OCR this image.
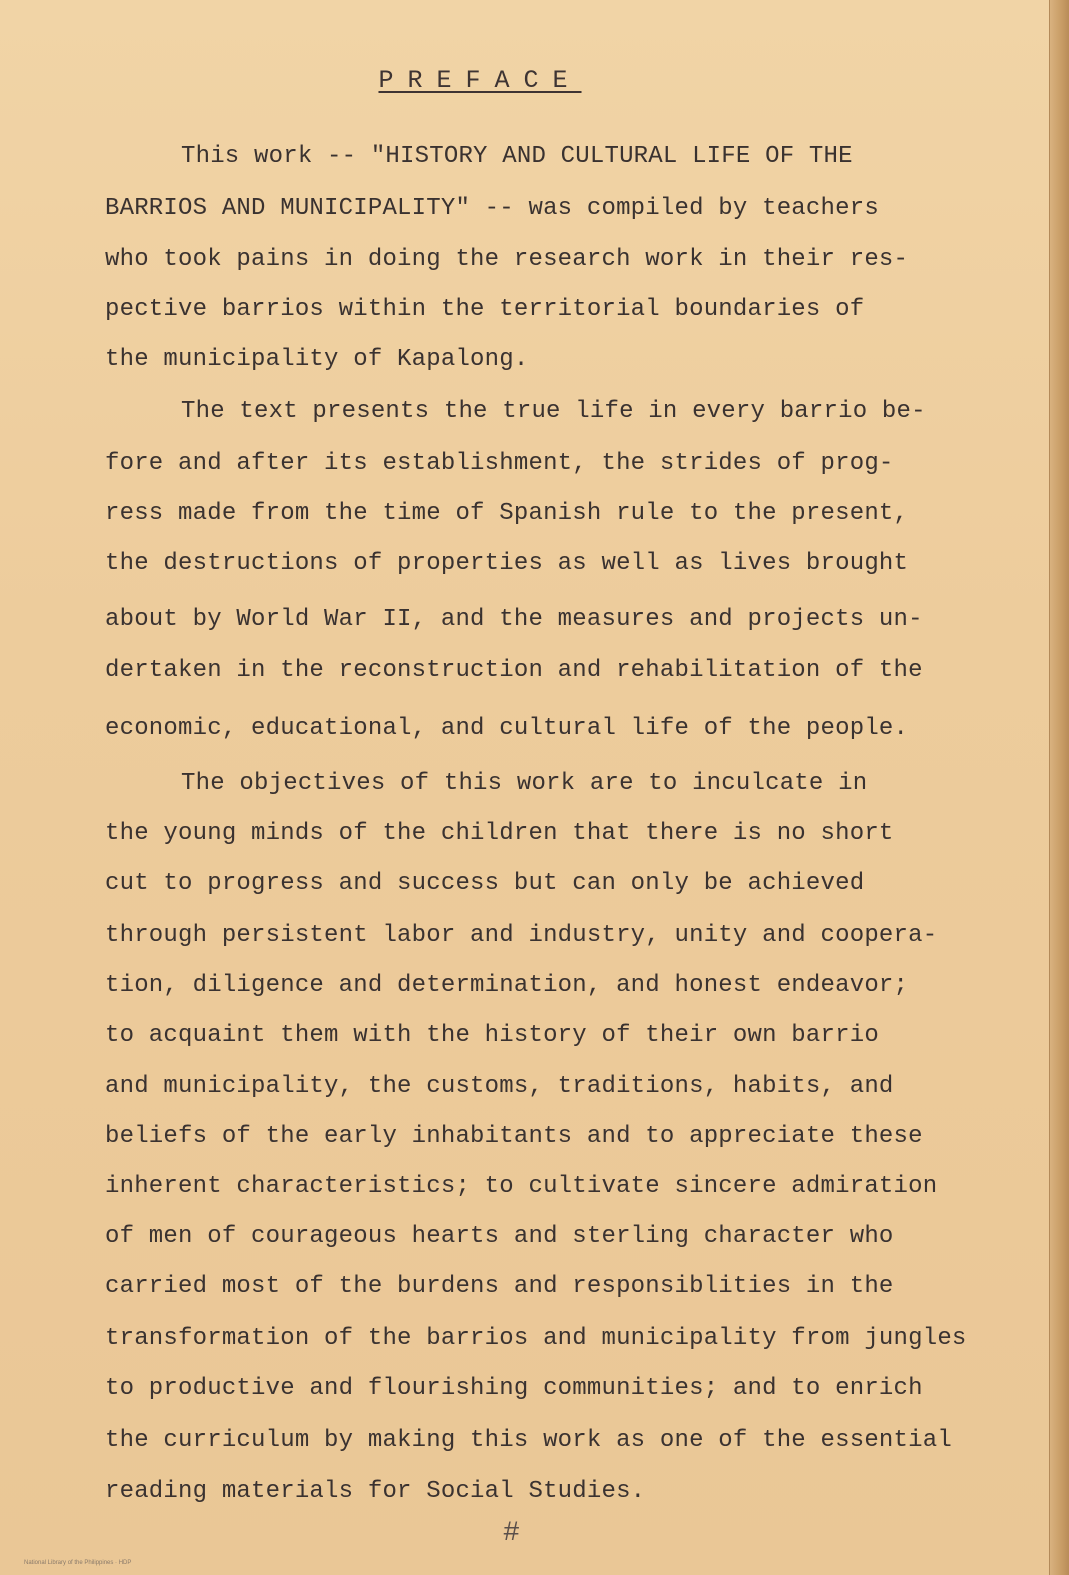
PREFACE
This work -- "HISTORY AND CULTURAL LIFE OF THE
BARRIOS AND MUNICIPALITY" -- was compiled by teachers
who took pains in doing the research work in their res-
pective barrios within the territorial boundaries of
the municipality of Kapalong.
The text presents the true life in every barrio be-
fore and after its establishment, the strides of prog-
ress made from the time of Spanish rule to the present,
the destructions of properties as well as lives brought
about by World War II, and the measures and projects un-
dertaken in the reconstruction and rehabilitation of the
economic, educational, and cultural life of the people.
The objectives of this work are to inculcate in
the young minds of the children that there is no short
cut to progress and success but can only be achieved
through persistent labor and industry, unity and coopera-
tion, diligence and determination, and honest endeavor;
to acquaint them with the history of their own barrio
and municipality, the customs, traditions, habits, and
beliefs of the early inhabitants and to appreciate these
inherent characteristics; to cultivate sincere admiration
of men of courageous hearts and sterling character who
carried most of the burdens and responsiblities in the
transformation of the barrios and municipality from jungles
to productive and flourishing communities; and to enrich
the curriculum by making this work as one of the essential
reading materials for Social Studies.
#
National Library of the Philippines · HDP
